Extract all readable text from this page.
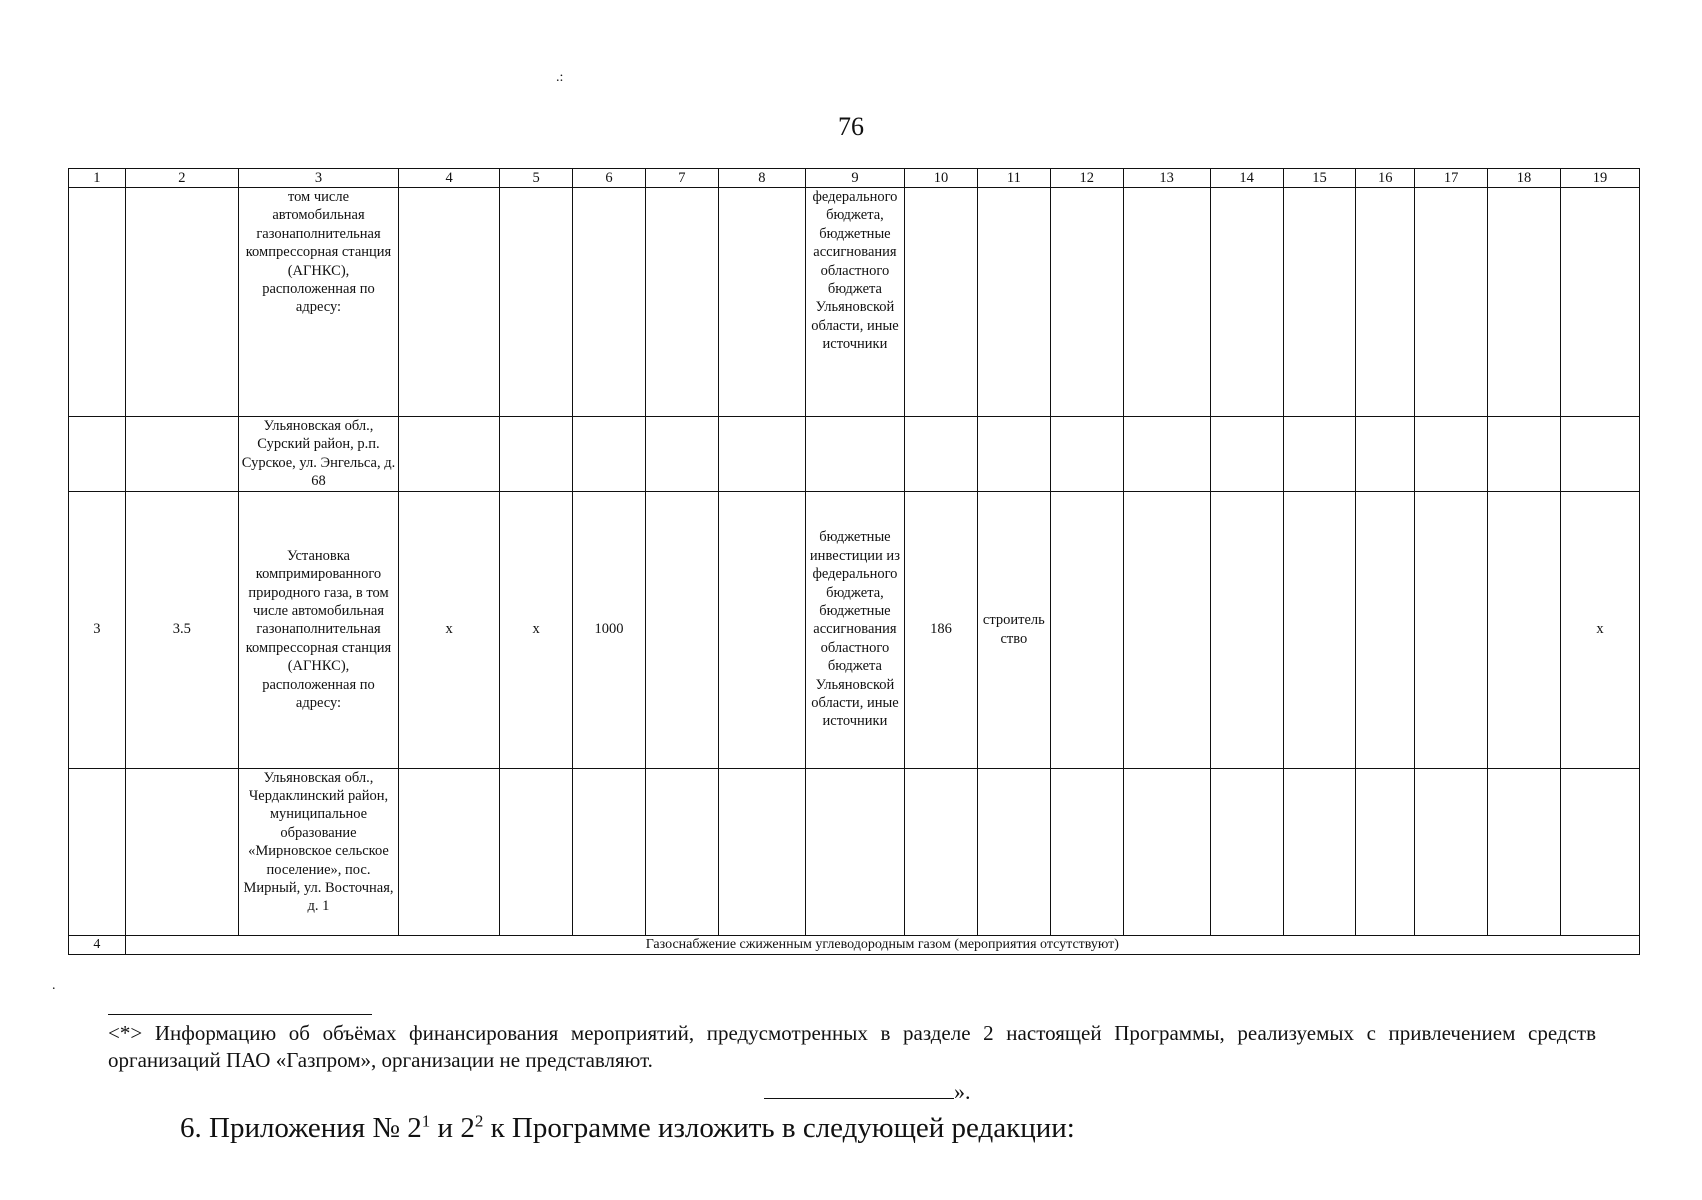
.:
76
1	2	3	4	5	6	7	8	9	10	11	12	13	14	15	16	17	18	19
		том числе автомобильная газонаполнительная компрессорная станция (АГНКС), расположенная по адресу:						федерального бюджета, бюджетные ассигнования областного бюджета Ульяновской области, иные источники										
		Ульяновская обл., Сурский район, р.п. Сурское, ул. Энгельса, д. 68																
3	3.5	Установка компримированного природного газа, в том числе автомобильная газонаполнительная компрессорная станция (АГНКС), расположенная по адресу:	х	х	1000			бюджетные инвестиции из федерального бюджета, бюджетные ассигнования областного бюджета Ульяновской области, иные источники	186	строительство								х
		Ульяновская обл., Чердаклинский район, муниципальное образование «Мирновское сельское поселение», пос. Мирный, ул. Восточная, д. 1																
4	Газоснабжение сжиженным углеводородным газом (мероприятия отсутствуют)																	
.
<*> Информацию об объёмах финансирования мероприятий, предусмотренных в разделе 2 настоящей Программы, реализуемых с привлечением средств организаций ПАО «Газпром», организации не представляют.
».
6. Приложения № $2^1$ и $2^2$ к Программе изложить в следующей редакции:
